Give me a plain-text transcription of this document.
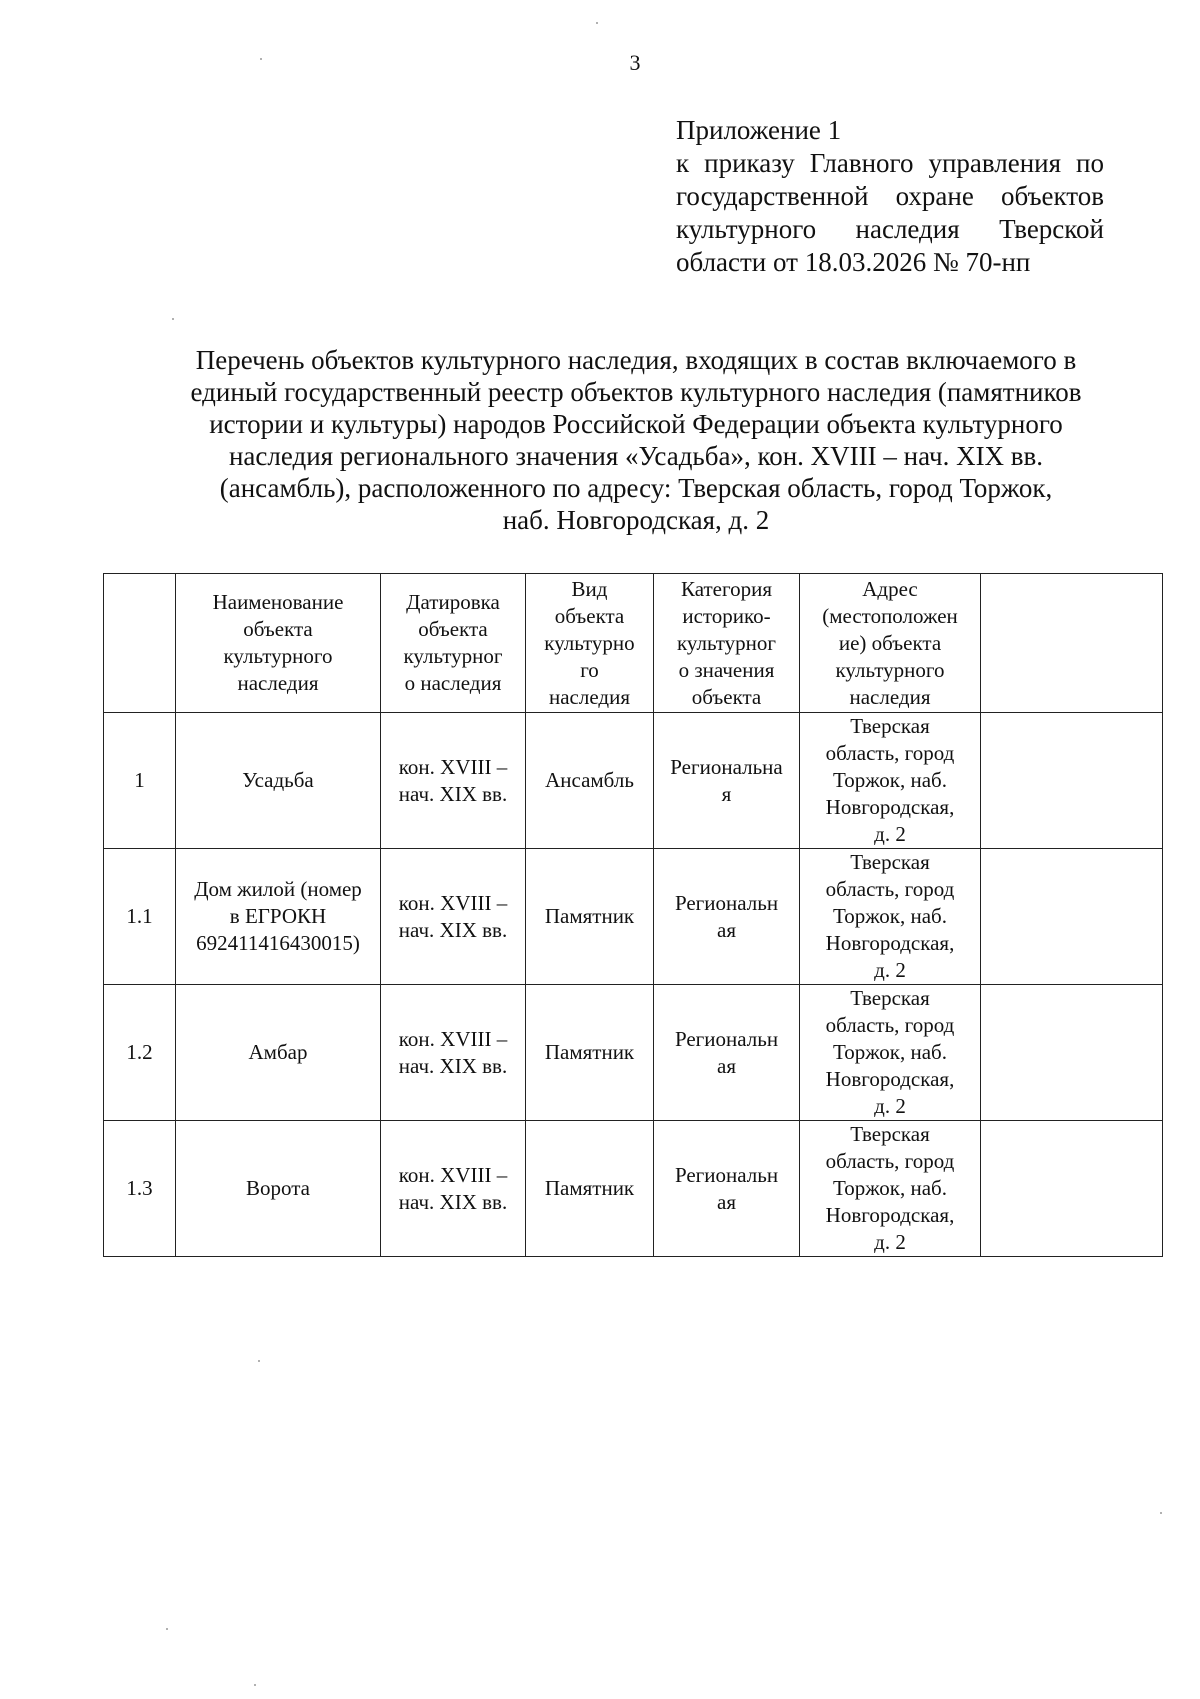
3
Приложение 1
к приказу Главного управления по
государственной охране объектов
культурного наследия Тверской
области от 18.03.2026 № 70-нп
Перечень объектов культурного наследия, входящих в состав включаемого в
единый государственный реестр объектов культурного наследия (памятников
истории и культуры) народов Российской Федерации объекта культурного
наследия регионального значения «Усадьба», кон. XVIII – нач. XIX вв.
(ансамбль), расположенного по адресу: Тверская область, город Торжок,
наб. Новгородская, д. 2

	Наименование
объекта
культурного
наследия	Датировка
объекта
культурног
о наследия	Вид
объекта
культурно
го
наследия	Категория
историко-
культурног
о значения
объекта	Адрес
(местоположен
ие) объекта
культурного
наследия	

1	Усадьба	кон. XVIII –
нач. XIX вв.	Ансамбль	Региональна
я	Тверская
область, город
Торжок, наб.
Новгородская,
д. 2	

1.1	Дом жилой (номер
в ЕГРОКН
692411416430015)	кон. XVIII –
нач. XIX вв.	Памятник	Региональн
ая	Тверская
область, город
Торжок, наб.
Новгородская,
д. 2	

1.2	Амбар	кон. XVIII –
нач. XIX вв.	Памятник	Региональн
ая	Тверская
область, город
Торжок, наб.
Новгородская,
д. 2	

1.3	Ворота	кон. XVIII –
нач. XIX вв.	Памятник	Региональн
ая	Тверская
область, город
Торжок, наб.
Новгородская,
д. 2	
